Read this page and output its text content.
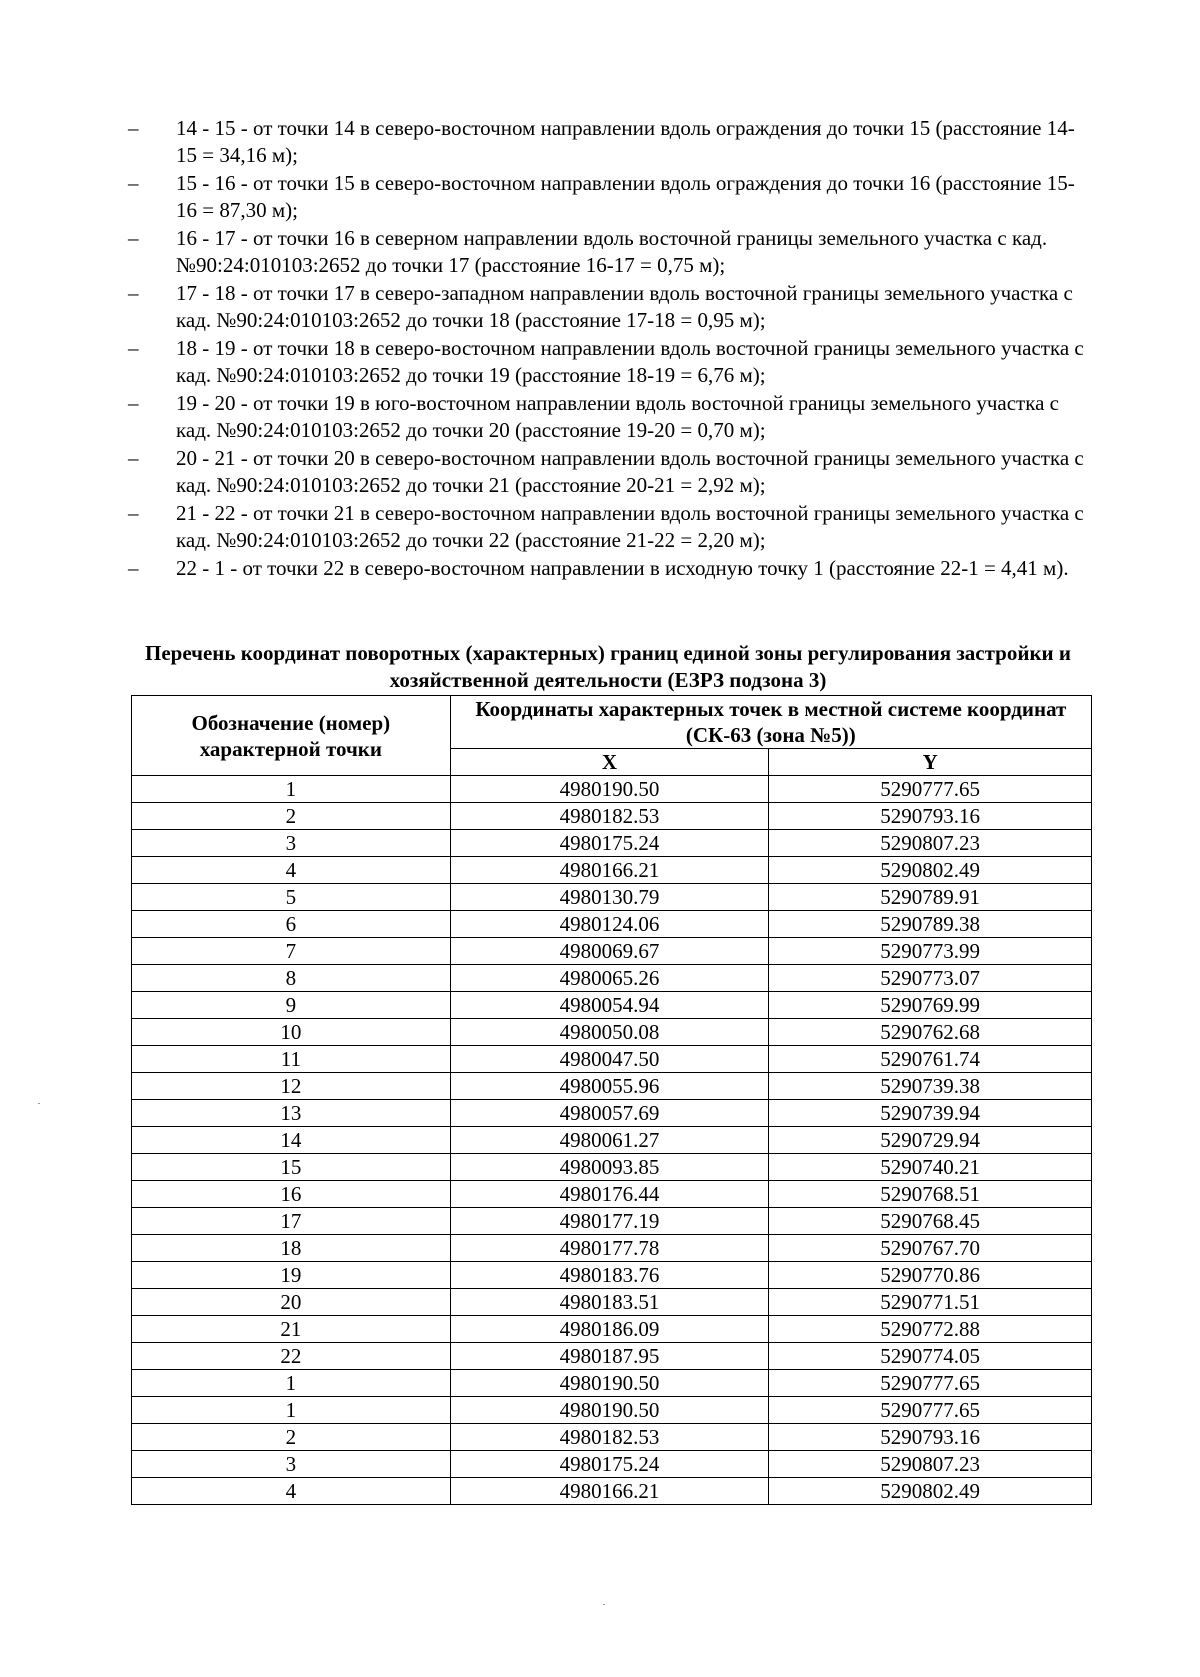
– 14 - 15 - от точки 14 в северо-восточном направлении вдоль ограждения до точки 15 (расстояние 14-15 = 34,16 м);
– 15 - 16 - от точки 15 в северо-восточном направлении вдоль ограждения до точки 16 (расстояние 15-16 = 87,30 м);
– 16 - 17 - от точки 16 в северном направлении вдоль восточной границы земельного участка с кад. №90:24:010103:2652 до точки 17 (расстояние 16-17 = 0,75 м);
– 17 - 18 - от точки 17 в северо-западном направлении вдоль восточной границы земельного участка с кад. №90:24:010103:2652 до точки 18 (расстояние 17-18 = 0,95 м);
– 18 - 19 - от точки 18 в северо-восточном направлении вдоль восточной границы земельного участка с кад. №90:24:010103:2652 до точки 19 (расстояние 18-19 = 6,76 м);
– 19 - 20 - от точки 19 в юго-восточном направлении вдоль восточной границы земельного участка с кад. №90:24:010103:2652 до точки 20 (расстояние 19-20 = 0,70 м);
– 20 - 21 - от точки 20 в северо-восточном направлении вдоль восточной границы земельного участка с кад. №90:24:010103:2652 до точки 21 (расстояние 20-21 = 2,92 м);
– 21 - 22 - от точки 21 в северо-восточном направлении вдоль восточной границы земельного участка с кад. №90:24:010103:2652 до точки 22 (расстояние 21-22 = 2,20 м);
– 22 - 1 - от точки 22 в северо-восточном направлении в исходную точку 1 (расстояние 22-1 = 4,41 м).
Перечень координат поворотных (характерных) границ единой зоны регулирования застройки и хозяйственной деятельности (ЕЗРЗ подзона 3)
Обозначение (номер) характерной точки	Координаты характерных точек в местной системе координат (СК-63 (зона №5))	
	X	Y
1	4980190.50	5290777.65
2	4980182.53	5290793.16
3	4980175.24	5290807.23
4	4980166.21	5290802.49
5	4980130.79	5290789.91
6	4980124.06	5290789.38
7	4980069.67	5290773.99
8	4980065.26	5290773.07
9	4980054.94	5290769.99
10	4980050.08	5290762.68
11	4980047.50	5290761.74
12	4980055.96	5290739.38
13	4980057.69	5290739.94
14	4980061.27	5290729.94
15	4980093.85	5290740.21
16	4980176.44	5290768.51
17	4980177.19	5290768.45
18	4980177.78	5290767.70
19	4980183.76	5290770.86
20	4980183.51	5290771.51
21	4980186.09	5290772.88
22	4980187.95	5290774.05
1	4980190.50	5290777.65
1	4980190.50	5290777.65
2	4980182.53	5290793.16
3	4980175.24	5290807.23
4	4980166.21	5290802.49
